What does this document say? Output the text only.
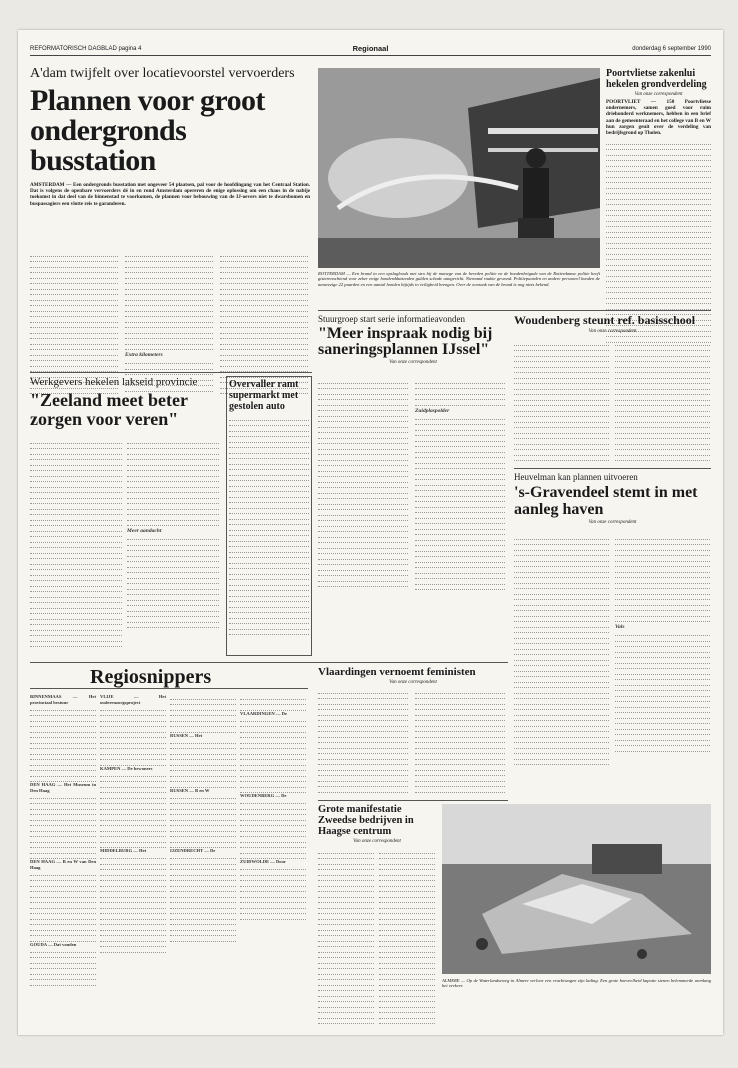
REFORMATORISCH DAGBLAD pagina 4	Regionaal	donderdag 6 september 1990
A'dam twijfelt over locatievoorstel vervoerders
Plannen voor groot ondergronds busstation
AMSTERDAM — Een ondergronds busstation met ongeveer 54 plaatsen, pal voor de hoofdingang van het Centraal Station. Dat is volgens de openbare vervoerders dé in en rond Amsterdam opereren de enige oplossing om een chaos in de nabije toekomst in dat deel van de binnenstad te voorkomen, de plannen voor bebouwing van de IJ-oevers niet te dwarsbomen en buspassagiers een vlotte reis te garanderen.
Extra kilometers
ROTTERDAM — Een brand in een opslagloods met stro bij de manege van de bereden politie en de hondenbrigade van de Rotterdamse politie heeft gisterenochtend voor zeker enige honderdduizenden gulden schade aangericht. Niemand raakte gewond. Politiepaarden en andere personeel konden de aanwezige 22 paarden en een aantal honden bijtijds in veiligheid brengen. Over de oorzaak van de brand is nog niets bekend.
Poortvlietse zakenlui hekelen grondverdeling
Van onze correspondent
POORTVLIET — 150 Poortvlietse ondernemers, samen goed voor ruim driehonderd werknemers, hebben in een brief aan de gemeenteraad en het college van B en W hun zorgen geuit over de verdeling van bedrijfsgrond op Tholen.
Stuurgroep start serie informatieavonden
"Meer inspraak nodig bij saneringsplannen IJssel"
Van onze correspondent
Zuidplaspolder
Woudenberg steunt ref. basisschool
Van onze correspondent
Heuvelman kan plannen uitvoeren
's-Gravendeel stemt in met aanleg haven
Van onze correspondent
Vals
Werkgevers hekelen lakseid provincie
"Zeeland meet beter zorgen voor veren"
Meer aandacht
Overvaller ramt supermarkt met gestolen auto
Regiosnippers
BINNENMAAS — Het provinciaal bestuur
DEN HAAG — Het Museum in Den Haag
DEN HAAG — B en W van Den Haag
GOUDA — Dat vonden
VLIJE — Het ouderenzorgsproject
KAMPEN — De bewoners
MIDDELBURG — Het
RUSSEN — Het
RUSSEN — B en W
IJZENDRECHT — De
VLAARDINGEN — De
WOUDENBERG — De
ZUIDWOLDE — Door
Vlaardingen vernoemt feministen
Van onze correspondent
Grote manifestatie Zweedse bedrijven in Haagse centrum
Van onze correspondent
ALMERE — Op de Waterlandseweg in Almere verloor een vrachtwagen zijn lading. Een grote hoeveelheid kapotte stenen belemmerde urenlang het verkeer.
